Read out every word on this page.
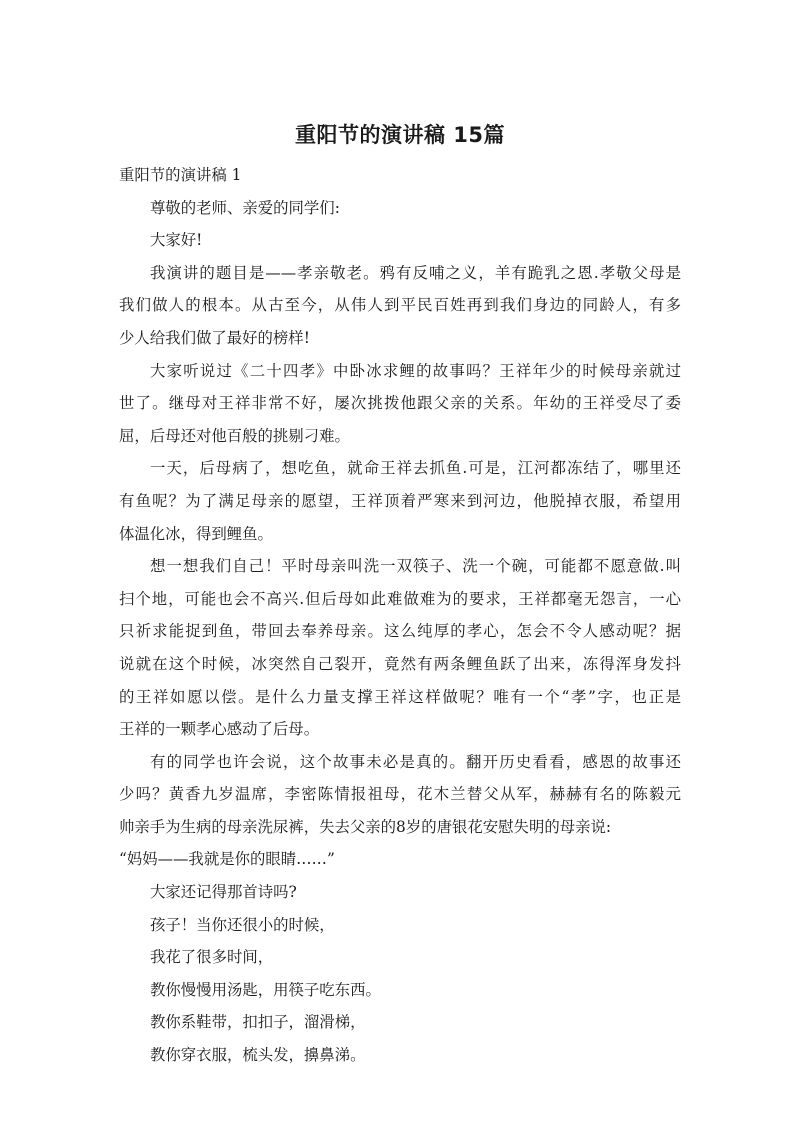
重阳节的演讲稿 15篇
重阳节的演讲稿 1
尊敬的老师、亲爱的同学们:
大家好!
我演讲的题目是——孝亲敬老。鸦有反哺之义，羊有跪乳之恩.孝敬父母是
我们做人的根本。从古至今，从伟人到平民百姓再到我们身边的同龄人，有多
少人给我们做了最好的榜样!
大家听说过《二十四孝》中卧冰求鲤的故事吗？王祥年少的时候母亲就过
世了。继母对王祥非常不好，屡次挑拨他跟父亲的关系。年幼的王祥受尽了委
屈，后母还对他百般的挑剔刁难。
一天，后母病了，想吃鱼，就命王祥去抓鱼.可是，江河都冻结了，哪里还
有鱼呢？为了满足母亲的愿望，王祥顶着严寒来到河边，他脱掉衣服，希望用
体温化冰，得到鲤鱼。
想一想我们自己！平时母亲叫洗一双筷子、洗一个碗，可能都不愿意做.叫
扫个地，可能也会不高兴.但后母如此难做难为的要求，王祥都毫无怨言，一心
只祈求能捉到鱼，带回去奉养母亲。这么纯厚的孝心，怎会不令人感动呢？据
说就在这个时候，冰突然自己裂开，竟然有两条鲤鱼跃了出来，冻得浑身发抖
的王祥如愿以偿。是什么力量支撑王祥这样做呢？唯有一个“孝”字，也正是
王祥的一颗孝心感动了后母。
有的同学也许会说，这个故事未必是真的。翻开历史看看，感恩的故事还
少吗？黄香九岁温席，李密陈情报祖母，花木兰替父从军，赫赫有名的陈毅元
帅亲手为生病的母亲洗尿裤，失去父亲的8岁的唐银花安慰失明的母亲说:
“妈妈——我就是你的眼睛……”
大家还记得那首诗吗?
孩子！当你还很小的时候，
我花了很多时间，
教你慢慢用汤匙，用筷子吃东西。
教你系鞋带，扣扣子，溜滑梯，
教你穿衣服，梳头发，擤鼻涕。
